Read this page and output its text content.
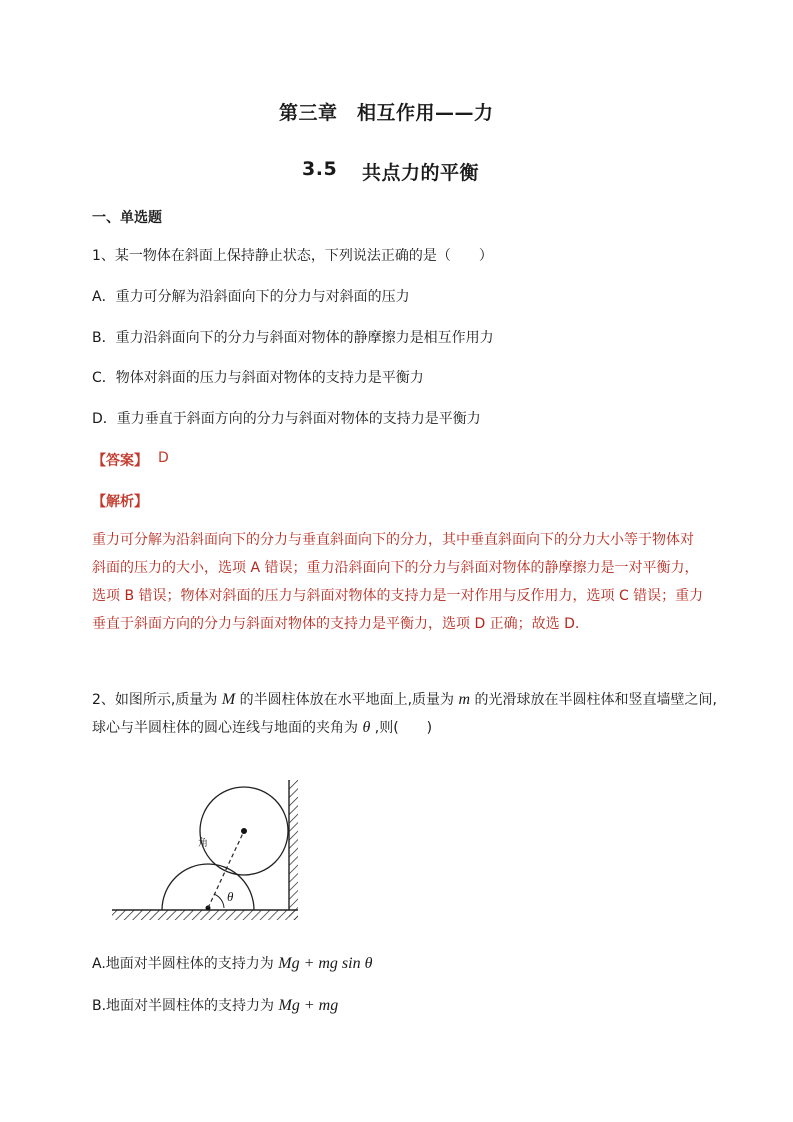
第三章　相互作用——力
3.5 共点力的平衡
一、单选题
1、某一物体在斜面上保持静止状态，下列说法正确的是（　　）
A．重力可分解为沿斜面向下的分力与对斜面的压力
B．重力沿斜面向下的分力与斜面对物体的静摩擦力是相互作用力
C．物体对斜面的压力与斜面对物体的支持力是平衡力
D．重力垂直于斜面方向的分力与斜面对物体的支持力是平衡力
【答案】 D
【解析】
重力可分解为沿斜面向下的分力与垂直斜面向下的分力，其中垂直斜面向下的分力大小等于物体对
斜面的压力的大小，选项 A 错误；重力沿斜面向下的分力与斜面对物体的静摩擦力是一对平衡力，
选项 B 错误；物体对斜面的压力与斜面对物体的支持力是一对作用与反作用力，选项 C 错误；重力
垂直于斜面方向的分力与斜面对物体的支持力是平衡力，选项 D 正确；故选 D.
2、如图所示,质量为 M 的半圆柱体放在水平地面上,质量为 m 的光滑球放在半圆柱体和竖直墙壁之间,
球心与半圆柱体的圆心连线与地面的夹角为 θ ,则(　　)
θ
角
A.地面对半圆柱体的支持力为 Mg + mg sin θ
B.地面对半圆柱体的支持力为 Mg + mg
